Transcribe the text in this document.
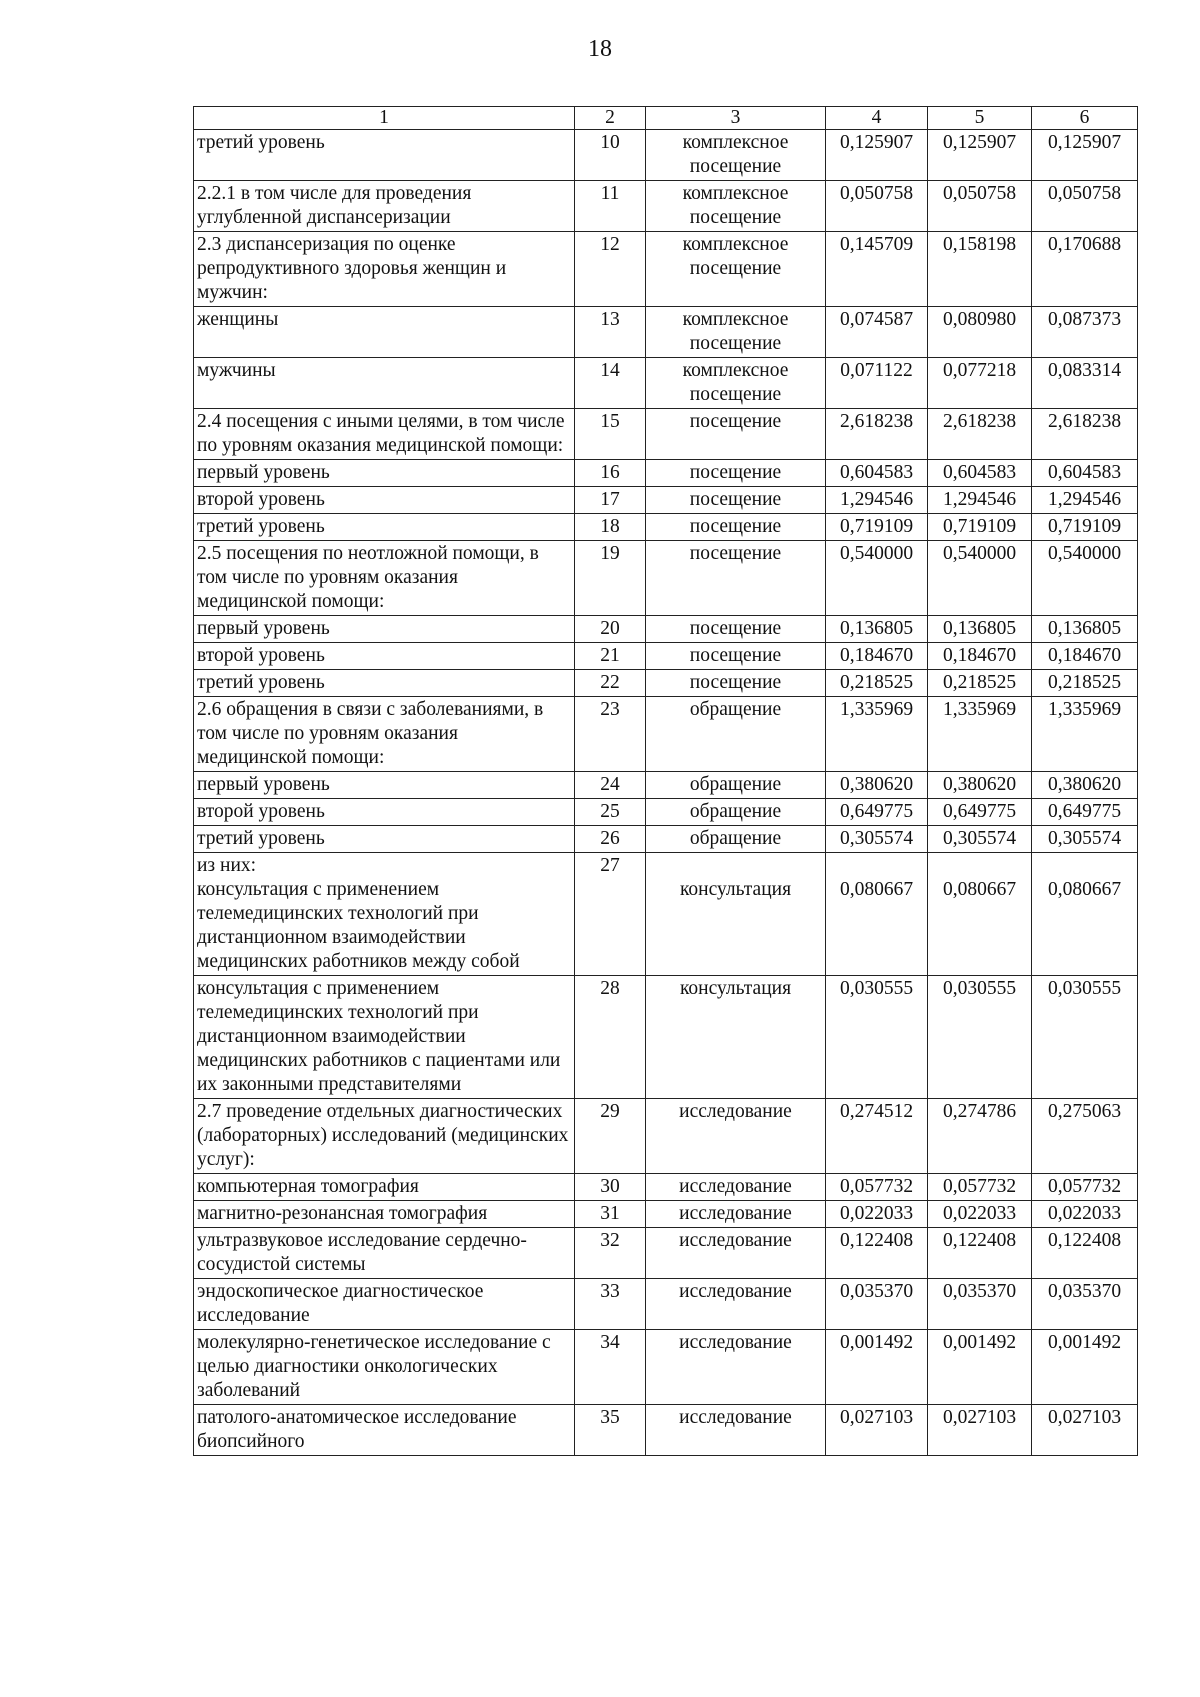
18
1	2	3	4	5	6

третий уровень	10	комплексное посещение	0,125907	0,125907	0,125907

2.2.1 в том числе для проведения углубленной диспансеризации	11	комплексное посещение	0,050758	0,050758	0,050758

2.3 диспансеризация по оценке репродуктивного здоровья женщин и мужчин:	12	комплексное посещение	0,145709	0,158198	0,170688

женщины	13	комплексное посещение	0,074587	0,080980	0,087373

мужчины	14	комплексное посещение	0,071122	0,077218	0,083314

2.4 посещения с иными целями, в том числе по уровням оказания медицинской помощи:	15	посещение	2,618238	2,618238	2,618238

первый уровень	16	посещение	0,604583	0,604583	0,604583

второй уровень	17	посещение	1,294546	1,294546	1,294546

третий уровень	18	посещение	0,719109	0,719109	0,719109

2.5 посещения по неотложной помощи, в том числе по уровням оказания медицинской помощи:	19	посещение	0,540000	0,540000	0,540000

первый уровень	20	посещение	0,136805	0,136805	0,136805

второй уровень	21	посещение	0,184670	0,184670	0,184670

третий уровень	22	посещение	0,218525	0,218525	0,218525

2.6 обращения в связи с заболеваниями, в том числе по уровням оказания медицинской помощи:	23	обращение	1,335969	1,335969	1,335969

первый уровень	24	обращение	0,380620	0,380620	0,380620

второй уровень	25	обращение	0,649775	0,649775	0,649775

третий уровень	26	обращение	0,305574	0,305574	0,305574

из них:
консультация с применением телемедицинских технологий при дистанционном взаимодействии медицинских работников между собой	27	консультация	0,080667	0,080667	0,080667

консультация с применением телемедицинских технологий при дистанционном взаимодействии медицинских работников с пациентами или их законными представителями	28	консультация	0,030555	0,030555	0,030555

2.7 проведение отдельных диагностических (лабораторных) исследований (медицинских услуг):	29	исследование	0,274512	0,274786	0,275063

компьютерная томография	30	исследование	0,057732	0,057732	0,057732

магнитно-резонансная томография	31	исследование	0,022033	0,022033	0,022033

ультразвуковое исследование сердечно-сосудистой системы	32	исследование	0,122408	0,122408	0,122408

эндоскопическое диагностическое исследование	33	исследование	0,035370	0,035370	0,035370

молекулярно-генетическое исследование с целью диагностики онкологических заболеваний	34	исследование	0,001492	0,001492	0,001492

патолого-анатомическое исследование биопсийного	35	исследование	0,027103	0,027103	0,027103
